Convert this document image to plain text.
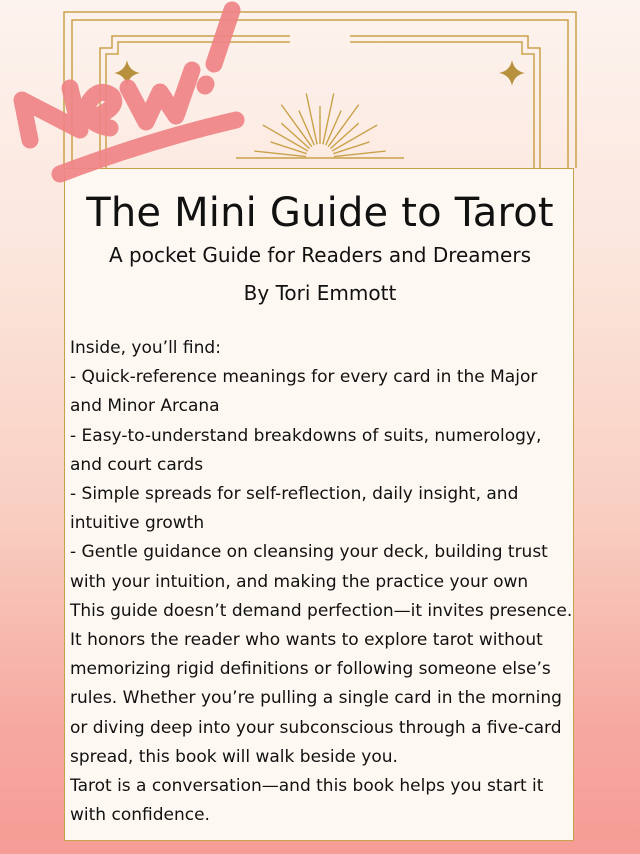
The Mini Guide to Tarot
A pocket Guide for Readers and Dreamers
By Tori Emmott
Inside, you’ll find:
- Quick-reference meanings for every card in the Major
and Minor Arcana
- Easy-to-understand breakdowns of suits, numerology,
and court cards
- Simple spreads for self-reflection, daily insight, and
intuitive growth
- Gentle guidance on cleansing your deck, building trust
with your intuition, and making the practice your own
This guide doesn’t demand perfection—it invites presence.
It honors the reader who wants to explore tarot without
memorizing rigid definitions or following someone else’s
rules. Whether you’re pulling a single card in the morning
or diving deep into your subconscious through a five-card
spread, this book will walk beside you.
Tarot is a conversation—and this book helps you start it
with confidence.
